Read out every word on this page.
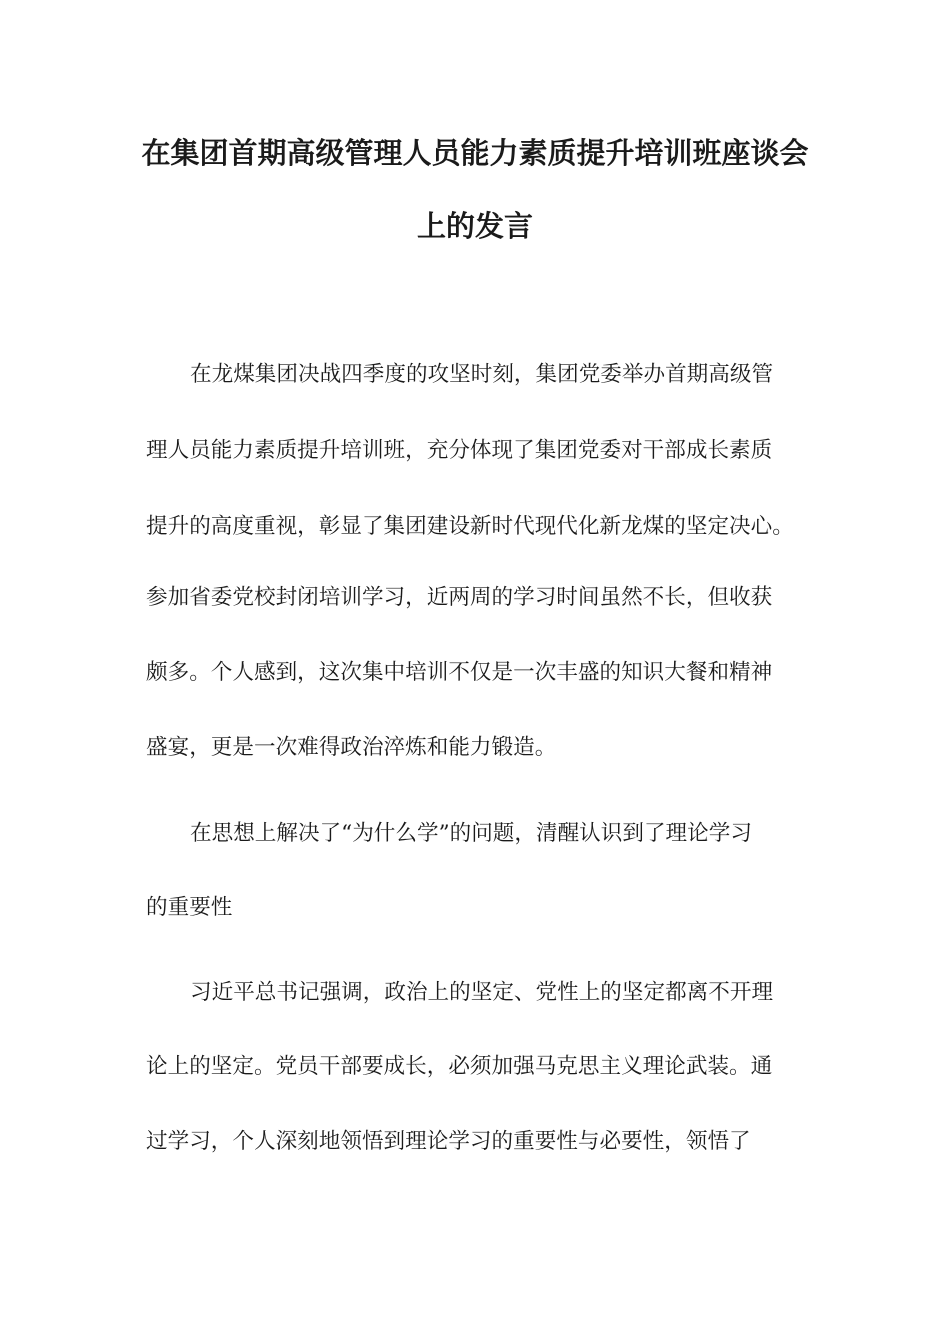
在集团首期高级管理人员能力素质提升培训班座谈会
上的发言
在龙煤集团决战四季度的攻坚时刻，集团党委举办首期高级管
理人员能力素质提升培训班，充分体现了集团党委对干部成长素质
提升的高度重视，彰显了集团建设新时代现代化新龙煤的坚定决心。
参加省委党校封闭培训学习，近两周的学习时间虽然不长，但收获
颇多。个人感到，这次集中培训不仅是一次丰盛的知识大餐和精神
盛宴，更是一次难得政治淬炼和能力锻造。
在思想上解决了“为什么学”的问题，清醒认识到了理论学习
的重要性
习近平总书记强调，政治上的坚定、党性上的坚定都离不开理
论上的坚定。党员干部要成长，必须加强马克思主义理论武装。通
过学习，个人深刻地领悟到理论学习的重要性与必要性，领悟了
